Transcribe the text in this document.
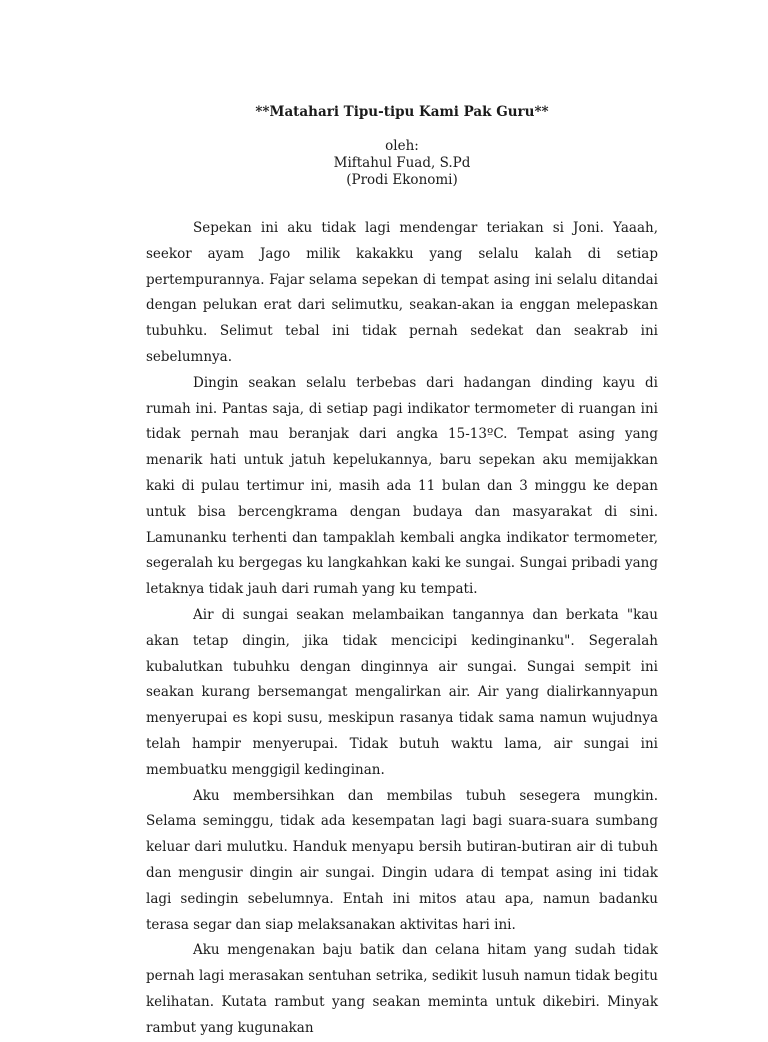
**Matahari Tipu-tipu Kami Pak Guru**

oleh:

Miftahul Fuad, S.Pd

(Prodi Ekonomi)

Sepekan ini aku tidak lagi mendengar teriakan si Joni. Yaaah, seekor ayam Jago milik kakakku yang selalu kalah di setiap pertempurannya. Fajar selama sepekan di tempat asing ini selalu ditandai dengan pelukan erat dari selimutku, seakan-akan ia enggan melepaskan tubuhku. Selimut tebal ini tidak pernah sedekat dan seakrab ini sebelumnya.

Dingin seakan selalu terbebas dari hadangan dinding kayu di rumah ini. Pantas saja, di setiap pagi indikator termometer di ruangan ini tidak pernah mau beranjak dari angka 15-13ºC. Tempat asing yang menarik hati untuk jatuh kepelukannya, baru sepekan aku memijakkan kaki di pulau tertimur ini, masih ada 11 bulan dan 3 minggu ke depan untuk bisa bercengkrama dengan budaya dan masyarakat di sini. Lamunanku terhenti dan tampaklah kembali angka indikator termometer, segeralah ku bergegas ku langkahkan kaki ke sungai. Sungai pribadi yang letaknya tidak jauh dari rumah yang ku tempati.

Air di sungai seakan melambaikan tangannya dan berkata "kau akan tetap dingin, jika tidak mencicipi kedinginanku". Segeralah kubalutkan tubuhku dengan dinginnya air sungai. Sungai sempit ini seakan kurang bersemangat mengalirkan air. Air yang dialirkannyapun menyerupai es kopi susu, meskipun rasanya tidak sama namun wujudnya telah hampir menyerupai. Tidak butuh waktu lama, air sungai ini membuatku menggigil kedinginan.

Aku membersihkan dan membilas tubuh sesegera mungkin. Selama seminggu, tidak ada kesempatan lagi bagi suara-suara sumbang keluar dari mulutku. Handuk menyapu bersih butiran-butiran air di tubuh dan mengusir dingin air sungai. Dingin udara di tempat asing ini tidak lagi sedingin sebelumnya. Entah ini mitos atau apa, namun badanku terasa segar dan siap melaksanakan aktivitas hari ini.

Aku mengenakan baju batik dan celana hitam yang sudah tidak pernah lagi merasakan sentuhan setrika, sedikit lusuh namun tidak begitu kelihatan. Kutata rambut yang seakan meminta untuk dikebiri. Minyak rambut yang kugunakan
